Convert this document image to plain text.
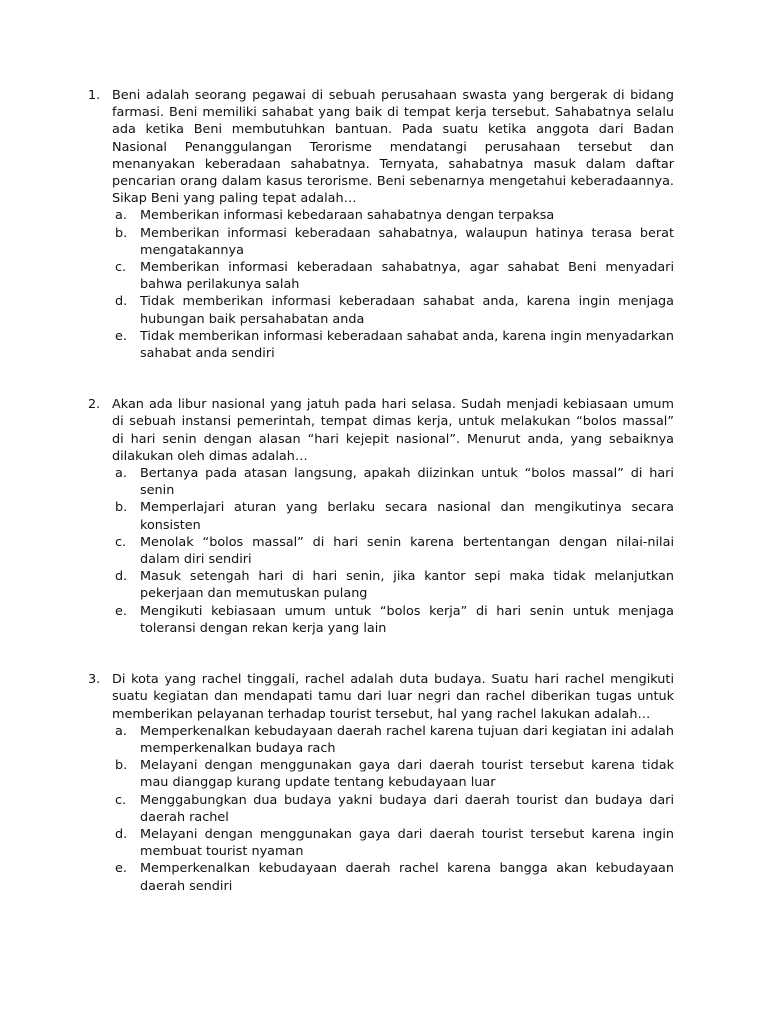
1. Beni adalah seorang pegawai di sebuah perusahaan swasta yang bergerak di bidang farmasi. Beni memiliki sahabat yang baik di tempat kerja tersebut. Sahabatnya selalu ada ketika Beni membutuhkan bantuan. Pada suatu ketika anggota dari Badan Nasional Penanggulangan Terorisme mendatangi perusahaan tersebut dan menanyakan keberadaan sahabatnya. Ternyata, sahabatnya masuk dalam daftar pencarian orang dalam kasus terorisme. Beni sebenarnya mengetahui keberadaannya. Sikap Beni yang paling tepat adalah…

a. Memberikan informasi kebedaraan sahabatnya dengan terpaksa
b. Memberikan informasi keberadaan sahabatnya, walaupun hatinya terasa berat mengatakannya
c. Memberikan informasi keberadaan sahabatnya, agar sahabat Beni menyadari bahwa perilakunya salah
d. Tidak memberikan informasi keberadaan sahabat anda, karena ingin menjaga hubungan baik persahabatan anda
e. Tidak memberikan informasi keberadaan sahabat anda, karena ingin menyadarkan sahabat anda sendiri
2. Akan ada libur nasional yang jatuh pada hari selasa. Sudah menjadi kebiasaan umum di sebuah instansi pemerintah, tempat dimas kerja, untuk melakukan “bolos massal” di hari senin dengan alasan “hari kejepit nasional”. Menurut anda, yang sebaiknya dilakukan oleh dimas adalah…

a. Bertanya pada atasan langsung, apakah diizinkan untuk “bolos massal” di hari senin
b. Memperlajari aturan yang berlaku secara nasional dan mengikutinya secara konsisten
c. Menolak “bolos massal” di hari senin karena bertentangan dengan nilai-nilai dalam diri sendiri
d. Masuk setengah hari di hari senin, jika kantor sepi maka tidak melanjutkan pekerjaan dan memutuskan pulang
e. Mengikuti kebiasaan umum untuk “bolos kerja” di hari senin untuk menjaga toleransi dengan rekan kerja yang lain
3. Di kota yang rachel tinggali, rachel adalah duta budaya. Suatu hari rachel mengikuti suatu kegiatan dan mendapati tamu dari luar negri dan rachel diberikan tugas untuk memberikan pelayanan terhadap tourist tersebut, hal yang rachel lakukan adalah…

a. Memperkenalkan kebudayaan daerah rachel karena tujuan dari kegiatan ini adalah memperkenalkan budaya rach
b. Melayani dengan menggunakan gaya dari daerah tourist tersebut karena tidak mau dianggap kurang update tentang kebudayaan luar
c. Menggabungkan dua budaya yakni budaya dari daerah tourist dan budaya dari daerah rachel
d. Melayani dengan menggunakan gaya dari daerah tourist tersebut karena ingin membuat tourist nyaman
e. Memperkenalkan kebudayaan daerah rachel karena bangga akan kebudayaan daerah sendiri
